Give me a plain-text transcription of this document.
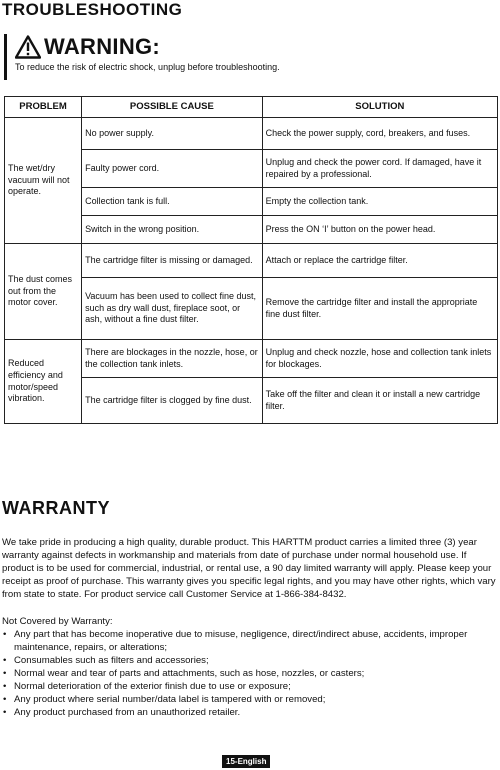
TROUBLESHOOTING
WARNING:
To reduce the risk of electric shock, unplug before troubleshooting.
PROBLEM	POSSIBLE CAUSE	SOLUTION
The wet/dry vacuum will not operate.	No power supply.	Check the power supply, cord, breakers, and fuses.
	Faulty power cord.	Unplug and check the power cord. If damaged, have it repaired by a professional.
	Collection tank is full.	Empty the collection tank.
	Switch in the wrong position.	Press the ON ‘I’ button on the power head.
The dust comes out from the motor cover.	The cartridge filter is missing or damaged.	Attach or replace the cartridge filter.
	Vacuum has been used to collect fine dust, such as dry wall dust, fireplace soot, or ash, without a fine dust filter.	Remove the cartridge filter and install the appropriate fine dust filter.
Reduced efficiency and motor/speed vibration.	There are blockages in the nozzle, hose, or the collection tank inlets.	Unplug and check nozzle, hose and collection tank inlets for blockages.
	The cartridge filter is clogged by fine dust.	Take off the filter and clean it or install a new cartridge filter.
WARRANTY

We take pride in producing a high quality, durable product. This HARTTM product carries a limited three (3) year warranty against defects in workmanship and materials from date of purchase under normal household use. If product is to be used for commercial, industrial, or rental use, a 90 day limited warranty will apply. Please keep your receipt as proof of purchase. This warranty gives you specific legal rights, and you may have other rights, which vary from state to state. For product service call Customer Service at 1-866-384-8432.

Not Covered by Warranty:

• Any part that has become inoperative due to misuse, negligence, direct/indirect abuse, accidents, improper maintenance, repairs, or alterations;
• Consumables such as filters and accessories;
• Normal wear and tear of parts and attachments, such as hose, nozzles, or casters;
• Normal deterioration of the exterior finish due to use or exposure;
• Any product where serial number/data label is tampered with or removed;
• Any product purchased from an unauthorized retailer.
15-English
